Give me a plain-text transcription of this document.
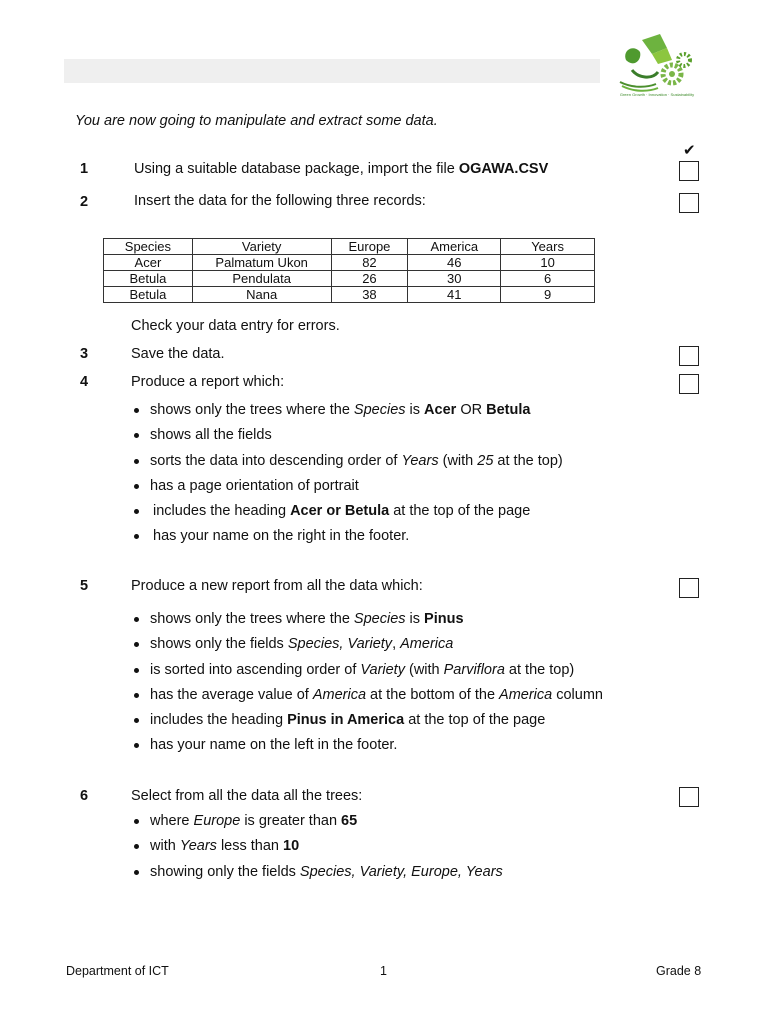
Green Growth · Innovation · Sustainability
You are now going to manipulate and extract some data.
✔
1	Using a suitable database package, import the file OGAWA.CSV
2	Insert the data for the following three records:
Species	Variety	Europe	America	Years
Acer	Palmatum Ukon	82	46	10
Betula	Pendulata	26	30	6
Betula	Nana	38	41	9
Check your data entry for errors.
3	Save the data.
4	Produce a report which:
shows only the trees where the Species is Acer OR Betula
shows all the fields
sorts the data into descending order of Years (with 25 at the top)
has a page orientation of portrait
includes the heading Acer or Betula at the top of the page
has your name on the right in the footer.
5	Produce a new report from all the data which:
shows only the trees where the Species is Pinus
shows only the fields Species, Variety, America
is sorted into ascending order of Variety (with Parviflora at the top)
has the average value of America at the bottom of the America column
includes the heading Pinus in America at the top of the page
has your name on the left in the footer.
6	Select from all the data all the trees:
where Europe is greater than 65
with Years less than 10
showing only the fields Species, Variety, Europe, Years
Department of ICT	1	Grade 8
